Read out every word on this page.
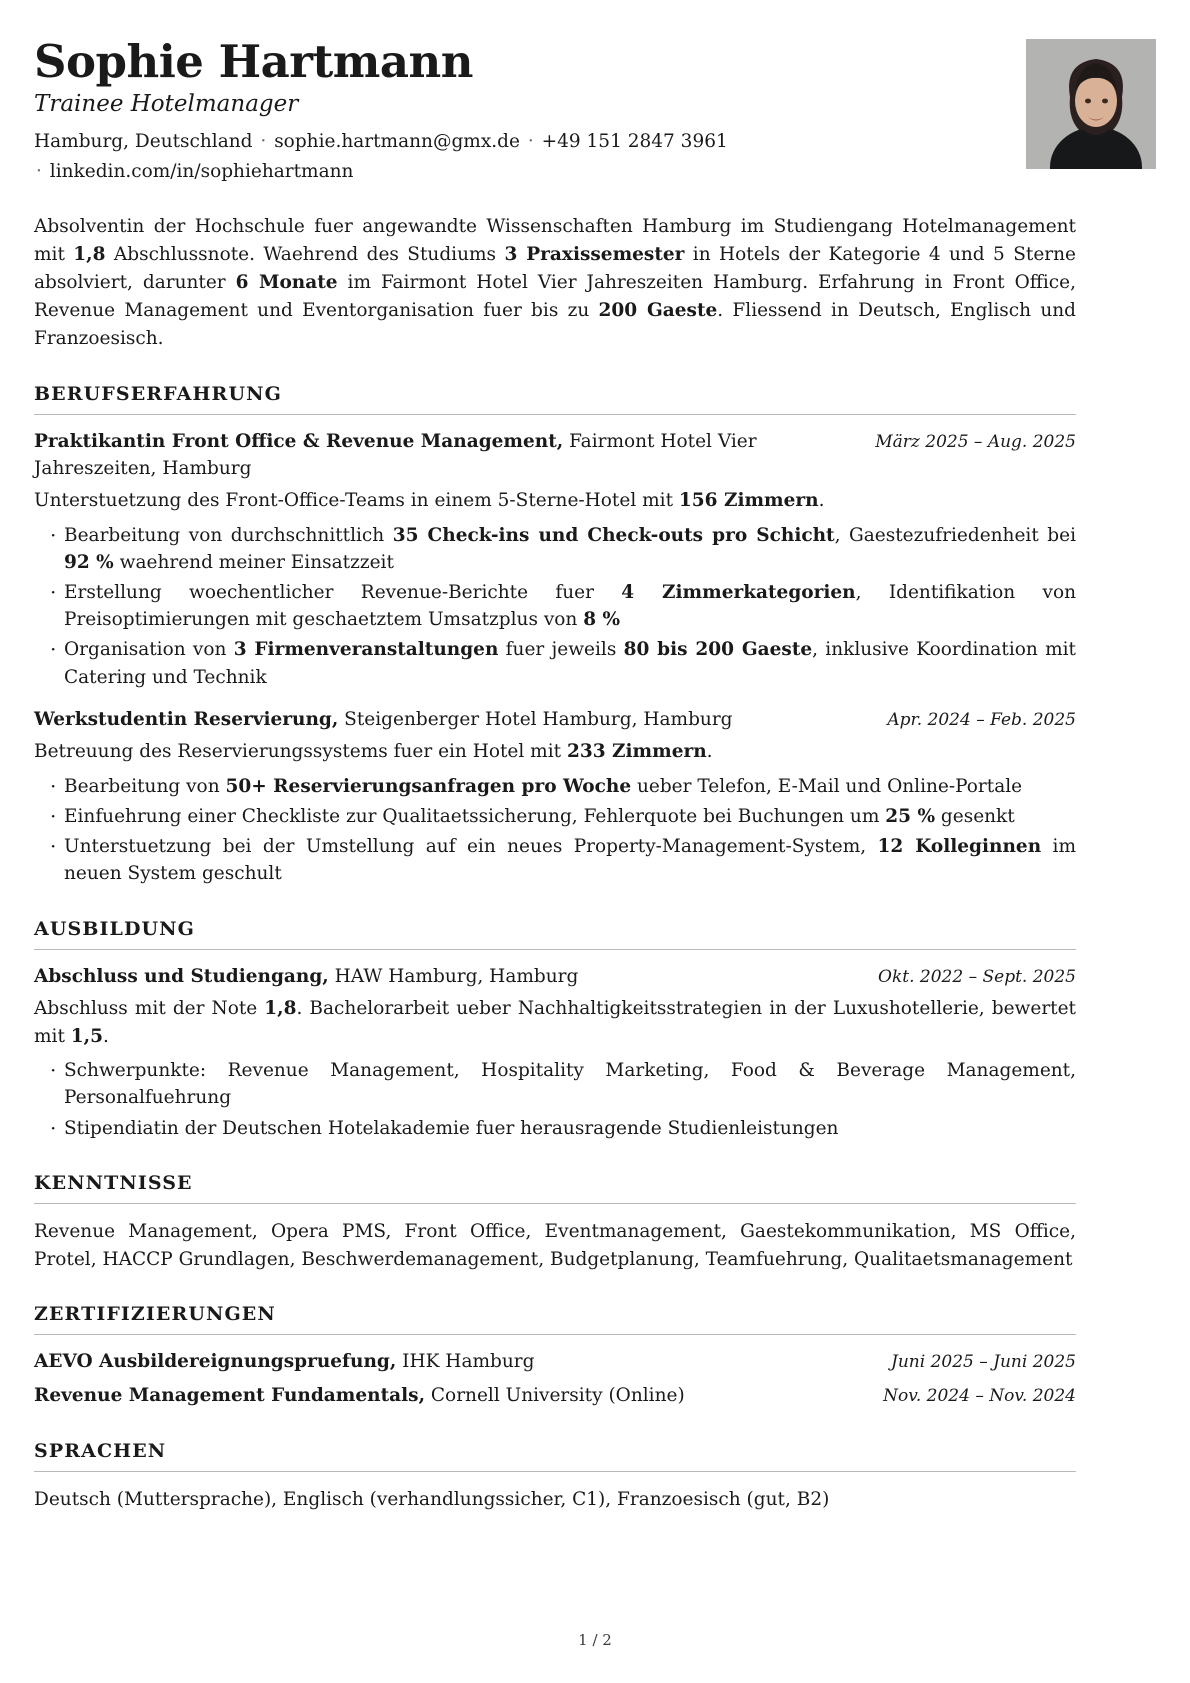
Sophie Hartmann
Trainee Hotelmanager
Hamburg, Deutschland · sophie.hartmann@gmx.de · +49 151 2847 3961 · linkedin.com/in/sophiehartmann

Absolventin der Hochschule fuer angewandte Wissenschaften Hamburg im Studiengang Hotelmanagement mit 1,8 Abschlussnote. Waehrend des Studiums 3 Praxissemester in Hotels der Kategorie 4 und 5 Sterne absolviert, darunter 6 Monate im Fairmont Hotel Vier Jahreszeiten Hamburg. Erfahrung in Front Office, Revenue Management und Eventorganisation fuer bis zu 200 Gaeste. Fliessend in Deutsch, Englisch und Franzoesisch.

BERUFSERFAHRUNG
Praktikantin Front Office & Revenue Management, Fairmont Hotel Vier Jahreszeiten, Hamburg
März 2025 – Aug. 2025
Unterstuetzung des Front-Office-Teams in einem 5-Sterne-Hotel mit 156 Zimmern.
· Bearbeitung von durchschnittlich 35 Check-ins und Check-outs pro Schicht, Gaestezufriedenheit bei 92 % waehrend meiner Einsatzzeit
· Erstellung woechentlicher Revenue-Berichte fuer 4 Zimmerkategorien, Identifikation von Preisoptimierungen mit geschaetztem Umsatzplus von 8 %
· Organisation von 3 Firmenveranstaltungen fuer jeweils 80 bis 200 Gaeste, inklusive Koordination mit Catering und Technik
Werkstudentin Reservierung, Steigenberger Hotel Hamburg, Hamburg	Apr. 2024 – Feb. 2025
Betreuung des Reservierungssystems fuer ein Hotel mit 233 Zimmern.
· Bearbeitung von 50+ Reservierungsanfragen pro Woche ueber Telefon, E-Mail und Online-Portale
· Einfuehrung einer Checkliste zur Qualitaetssicherung, Fehlerquote bei Buchungen um 25 % gesenkt
· Unterstuetzung bei der Umstellung auf ein neues Property-Management-System, 12 Kolleginnen im neuen System geschult
AUSBILDUNG
Abschluss und Studiengang, HAW Hamburg, Hamburg	Okt. 2022 – Sept. 2025
Abschluss mit der Note 1,8. Bachelorarbeit ueber Nachhaltigkeitsstrategien in der Luxushotellerie, bewertet mit 1,5.
· Schwerpunkte: Revenue Management, Hospitality Marketing, Food & Beverage Management, Personalfuehrung
· Stipendiatin der Deutschen Hotelakademie fuer herausragende Studienleistungen
KENNTNISSE
Revenue Management, Opera PMS, Front Office, Eventmanagement, Gaestekommunikation, MS Office, Protel, HACCP Grundlagen, Beschwerdemanagement, Budgetplanung, Teamfuehrung, Qualitaetsmanagement
ZERTIFIZIERUNGEN
AEVO Ausbildereignungspruefung, IHK Hamburg	Juni 2025 – Juni 2025
Revenue Management Fundamentals, Cornell University (Online)	Nov. 2024 – Nov. 2024
SPRACHEN
Deutsch (Muttersprache), Englisch (verhandlungssicher, C1), Franzoesisch (gut, B2)
1 / 2
